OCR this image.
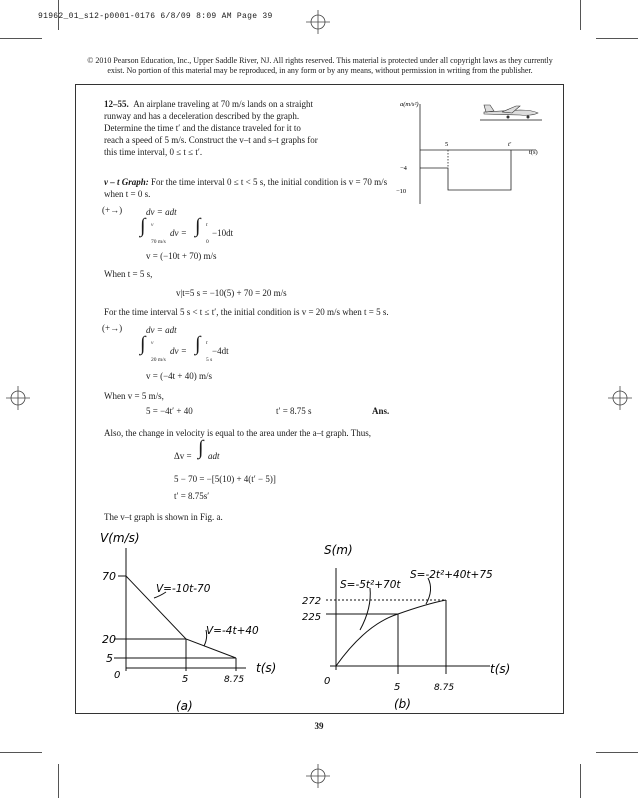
91962_01_s12-p0001-0176 6/8/09 8:09 AM Page 39
© 2010 Pearson Education, Inc., Upper Saddle River, NJ. All rights reserved. This material is protected under all copyright laws as they currently
exist. No portion of this material may be reproduced, in any form or by any means, without permission in writing from the publisher.
12–55. An airplane traveling at 70 m/s lands on a straight
runway and has a deceleration described by the graph.
Determine the time t′ and the distance traveled for it to
reach a speed of 5 m/s. Construct the v–t and s–t graphs for
this time interval, 0 ≤ t ≤ t′.
a(m/s²)
t(s)
5	t′
−4
−10
v – t Graph: For the time interval 0 ≤ t < 5 s, the initial condition is v = 70 m/s
when t = 0 s.
(+→)	dv = adt
∫ v
70 m/s
dv = ∫ t
0
−10dt
v = (−10t + 70) m/s
When t = 5 s,
v|t=5 s = −10(5) + 70 = 20 m/s
For the time interval 5 s < t ≤ t′, the initial condition is v = 20 m/s when t = 5 s.
(+→)	dv = adt
∫ v
20 m/s
dv = ∫ t
5 s
−4dt
v = (−4t + 40) m/s
When v = 5 m/s,
5 = −4t′ + 40	t′ = 8.75 s	Ans.
Also, the change in velocity is equal to the area under the a–t graph. Thus,
Δv = ∫ adt
5 − 70 = −[5(10) + 4(t′ − 5)]
t′ = 8.75s′
The v–t graph is shown in Fig. a.
V(m/s)
70
20
5
0	5	8.75
t(s)
V=-10t-70
V=-4t+40
(a)
S(m)
272
225
0
5	8.75
t(s)
S=-5t²+70t
S=-2t²+40t+75
(b)
39
